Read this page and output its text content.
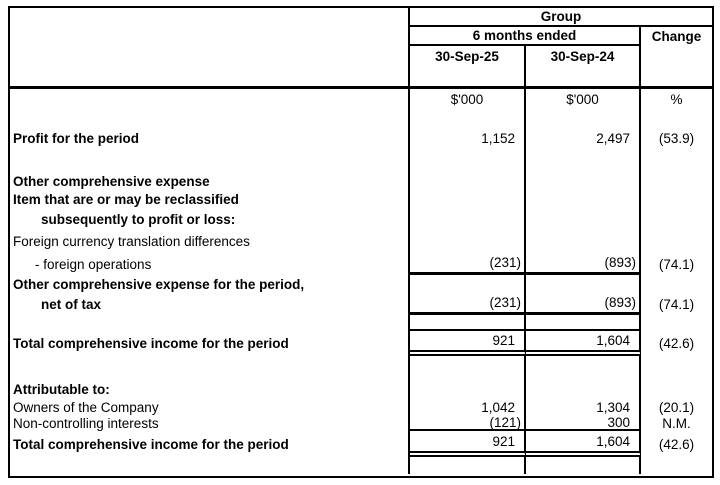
Group
6 months ended	Change
30-Sep-25	30-Sep-24
$'000	$'000	%
Profit for the period	1,152	2,497	(53.9)
Other comprehensive expense
Item that are or may be reclassified
subsequently to profit or loss:
Foreign currency translation differences
- foreign operations	(231)	(893)	(74.1)
Other comprehensive expense for the period,
net of tax	(231)	(893)	(74.1)
Total comprehensive income for the period	921	1,604	(42.6)
Attributable to:
Owners of the Company	1,042	1,304	(20.1)
Non-controlling interests	(121)	300	N.M.
Total comprehensive income for the period	921	1,604	(42.6)
